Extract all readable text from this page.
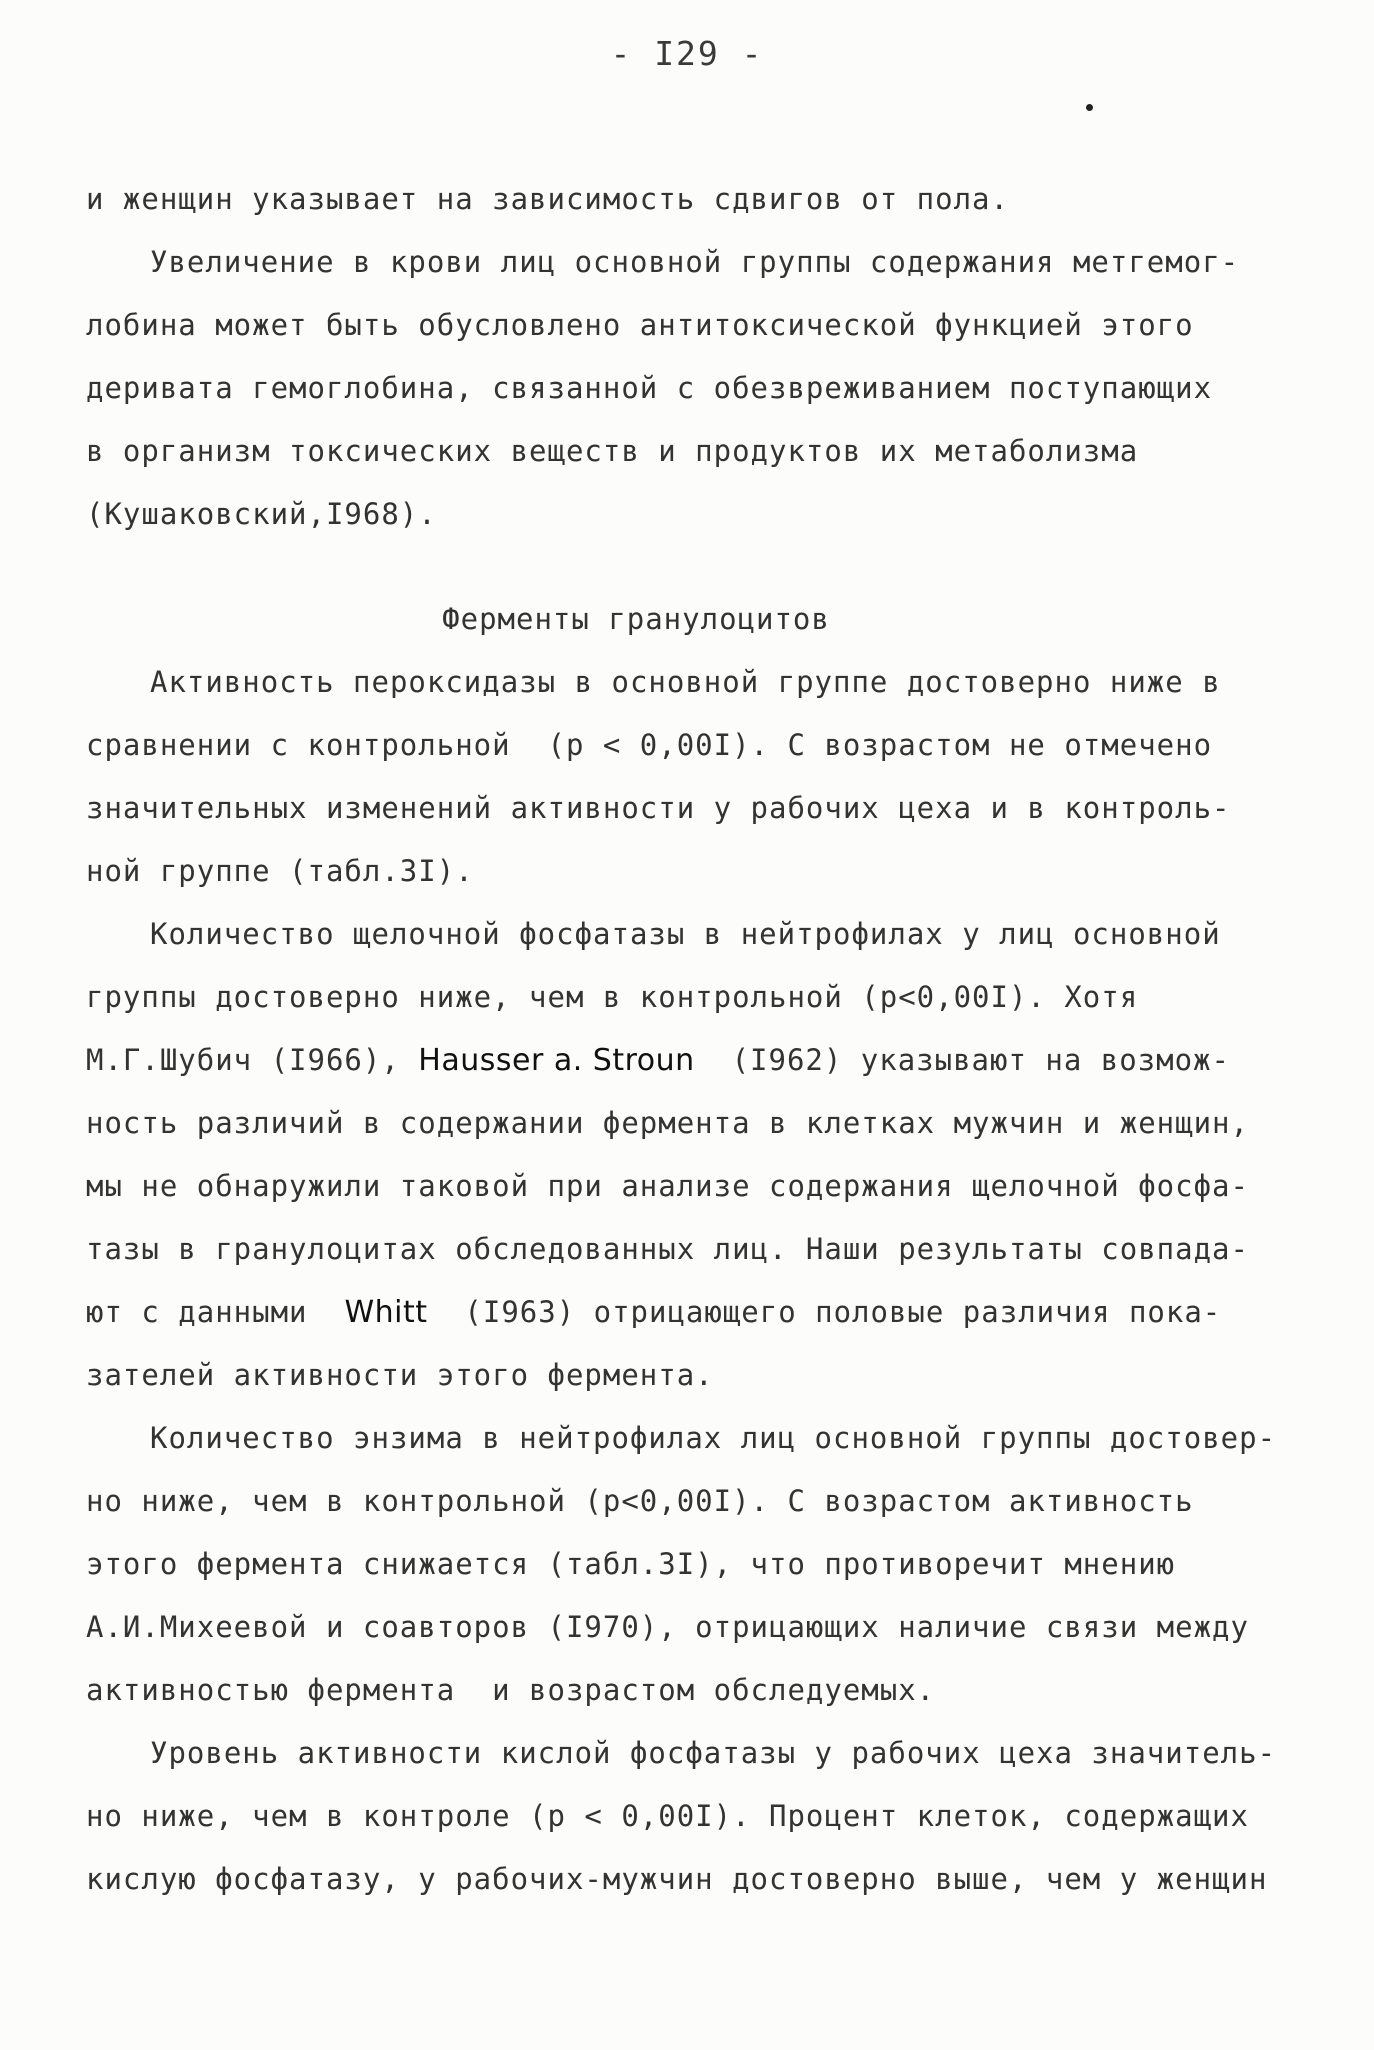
- I29 -
и женщин указывает на зависимость сдвигов от пола.
Увеличение в крови лиц основной группы содержания метгемог-
лобина может быть обусловлено антитоксической функцией этого
деривата гемоглобина, связанной с обезвреживанием поступающих
в организм токсических веществ и продуктов их метаболизма
(Кушаковский,I968).
Ферменты гранулоцитов
Активность пероксидазы в основной группе достоверно ниже в
сравнении с контрольной  (p < 0,00I). С возрастом не отмечено
значительных изменений активности у рабочих цеха и в контроль-
ной группе (табл.3I).
Количество щелочной фосфатазы в нейтрофилах у лиц основной
группы достоверно ниже, чем в контрольной (p<0,00I). Хотя
М.Г.Шубич (I966), Hausser a. Stroun  (I962) указывают на возмож-
ность различий в содержании фермента в клетках мужчин и женщин,
мы не обнаружили таковой при анализе содержания щелочной фосфа-
тазы в гранулоцитах обследованных лиц. Наши результаты совпада-
ют с данными  Whitt  (I963) отрицающего половые различия пока-
зателей активности этого фермента.
Количество энзима в нейтрофилах лиц основной группы достовер-
но ниже, чем в контрольной (p<0,00I). С возрастом активность
этого фермента снижается (табл.3I), что противоречит мнению
А.И.Михеевой и соавторов (I970), отрицающих наличие связи между
активностью фермента  и возрастом обследуемых.
Уровень активности кислой фосфатазы у рабочих цеха значитель-
но ниже, чем в контроле (p < 0,00I). Процент клеток, содержащих
кислую фосфатазу, у рабочих-мужчин достоверно выше, чем у женщин
